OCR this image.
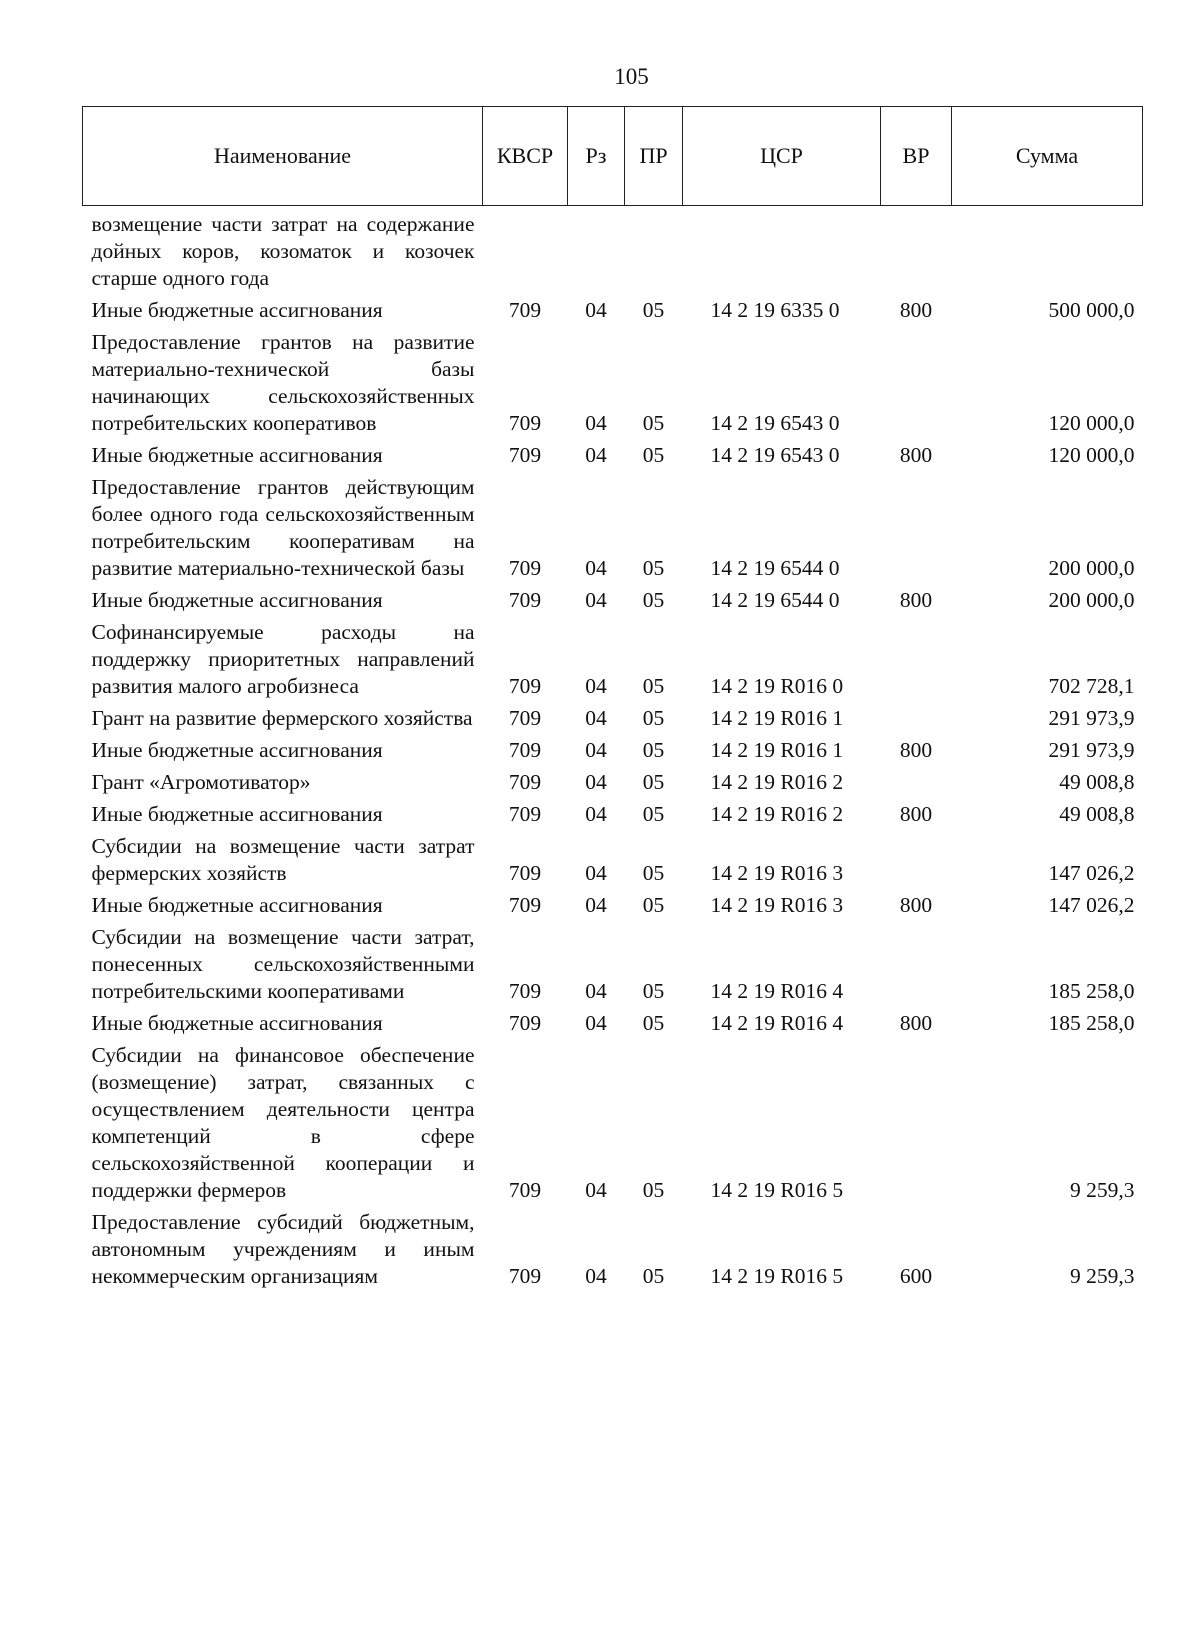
105
Наименование	КВСР	Рз	ПР	ЦСР	ВР	Сумма
возмещение части затрат на содержание дойных коров, козоматок и козочек старше одного года						
Иные бюджетные ассигнования	709	04	05	14 2 19 6335 0	800	500 000,0
Предоставление грантов на развитие материально-технической базы начинающих сельскохозяйственных потребительских кооперативов	709	04	05	14 2 19 6543 0		120 000,0
Иные бюджетные ассигнования	709	04	05	14 2 19 6543 0	800	120 000,0
Предоставление грантов действующим более одного года сельскохозяйственным потребительским кооперативам на развитие материально-технической базы	709	04	05	14 2 19 6544 0		200 000,0
Иные бюджетные ассигнования	709	04	05	14 2 19 6544 0	800	200 000,0
Софинансируемые расходы на поддержку приоритетных направлений развития малого агробизнеса	709	04	05	14 2 19 R016 0		702 728,1
Грант на развитие фермерского хозяйства	709	04	05	14 2 19 R016 1		291 973,9
Иные бюджетные ассигнования	709	04	05	14 2 19 R016 1	800	291 973,9
Грант «Агромотиватор»	709	04	05	14 2 19 R016 2		49 008,8
Иные бюджетные ассигнования	709	04	05	14 2 19 R016 2	800	49 008,8
Субсидии на возмещение части затрат фермерских хозяйств	709	04	05	14 2 19 R016 3		147 026,2
Иные бюджетные ассигнования	709	04	05	14 2 19 R016 3	800	147 026,2
Субсидии на возмещение части затрат, понесенных сельскохозяйственными потребительскими кооперативами	709	04	05	14 2 19 R016 4		185 258,0
Иные бюджетные ассигнования	709	04	05	14 2 19 R016 4	800	185 258,0
Субсидии на финансовое обеспечение (возмещение) затрат, связанных с осуществлением деятельности центра компетенций в сфере сельскохозяйственной кооперации и поддержки фермеров	709	04	05	14 2 19 R016 5		9 259,3
Предоставление субсидий бюджетным, автономным учреждениям и иным некоммерческим организациям	709	04	05	14 2 19 R016 5	600	9 259,3
